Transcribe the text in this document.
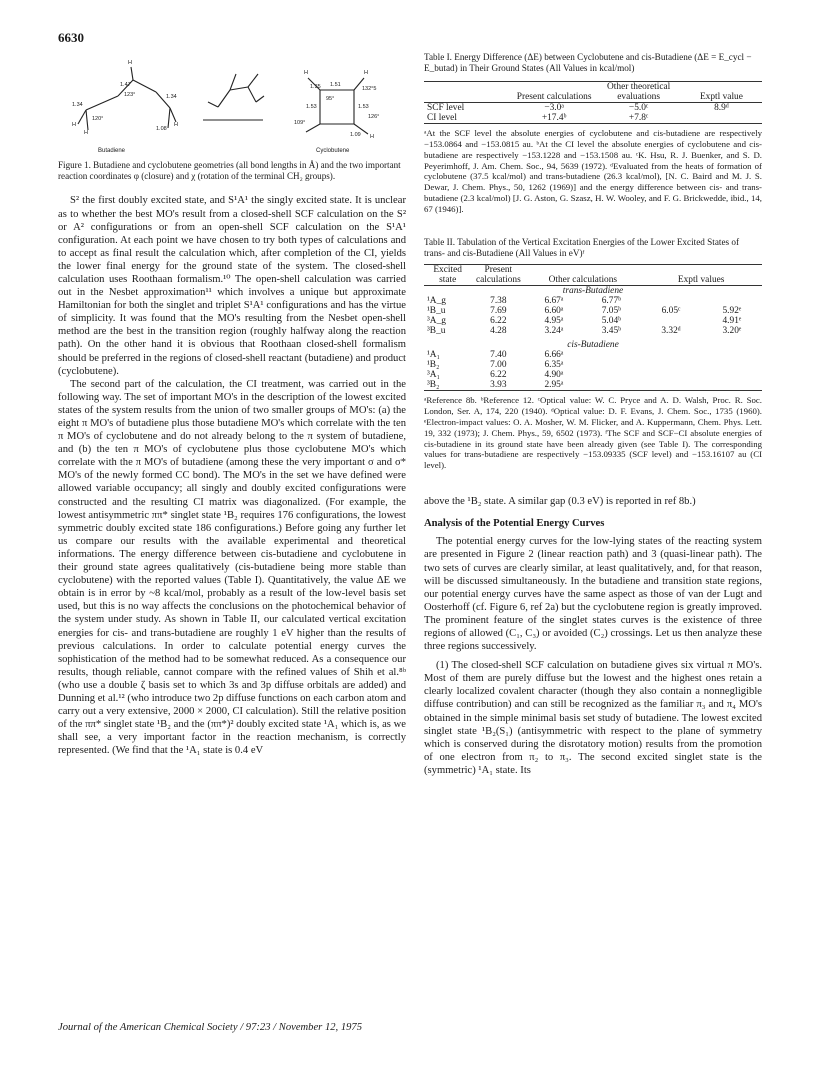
6630
Butadiene	Cyclobutene
1.34
1.47
1.34
123°
120°
1.08
H
H
H
H
1.35 1.51
132°5
1.53
95°
1.53
126°
109°
1.09
H	H
H

Figure 1. Butadiene and cyclobutene geometries (all bond lengths in Å) and the two important reaction coordinates φ (closure) and χ (rotation of the terminal CH₂ groups).

S² the first doubly excited state, and S¹A¹ the singly excited state. It is unclear as to whether the best MO's result from a closed-shell SCF calculation on the S² or A² configurations or from an open-shell SCF calculation on the S¹A¹ configuration. At each point we have chosen to try both types of calculations and to accept as final result the calculation which, after completion of the CI, yields the lower final energy for the ground state of the system. The closed-shell calculation uses Roothaan formalism.¹⁰ The open-shell calculation was carried out in the Nesbet approximation¹¹ which involves a unique but approximate Hamiltonian for both the singlet and triplet S¹A¹ configurations and has the virtue of simplicity. It was found that the MO's resulting from the Nesbet open-shell method are the best in the transition region (roughly halfway along the reaction path). On the other hand it is obvious that Roothaan closed-shell formalism should be preferred in the regions of closed-shell reactant (butadiene) and product (cyclobutene).

The second part of the calculation, the CI treatment, was carried out in the following way. The set of important MO's in the description of the lowest excited states of the system results from the union of two smaller groups of MO's: (a) the eight π MO's of butadiene plus those butadiene MO's which correlate with the ten π MO's of cyclobutene and do not already belong to the π system of butadiene, and (b) the ten π MO's of cyclobutene plus those cyclobutene MO's which correlate with the π MO's of butadiene (among these the very important σ and σ* MO's of the newly formed CC bond). The MO's in the set we have defined were allowed variable occupancy; all singly and doubly excited configurations were constructed and the resulting CI matrix was diagonalized. (For example, the lowest antisymmetric ππ* singlet state ¹B₂ requires 176 configurations, the lowest symmetric doubly excited state 186 configurations.) Before going any further let us compare our results with the available experimental and theoretical informations. The energy difference between cis-butadiene and cyclobutene in their ground state agrees qualitatively (cis-butadiene being more stable than cyclobutene) with the reported values (Table I). Quantitatively, the value ΔE we obtain is in error by ~8 kcal/mol, probably as a result of the low-level basis set used, but this is no way affects the conclusions on the photochemical behavior of the system under study. As shown in Table II, our calculated vertical excitation energies for cis- and trans-butadiene are roughly 1 eV higher than the results of previous calculations. In order to calculate potential energy curves the sophistication of the method had to be somewhat reduced. As a consequence our results, though reliable, cannot compare with the refined values of Shih et al.⁸ᵇ (who use a double ζ basis set to which 3s and 3p diffuse orbitals are added) and Dunning et al.¹² (who introduce two 2p diffuse functions on each carbon atom and carry out a very extensive, 2000 × 2000, CI calculation). Still the relative position of the ππ* singlet state ¹B₂ and the (ππ*)² doubly excited state ¹A₁ which is, as we shall see, a very important factor in the reaction mechanism, is correctly represented. (We find that the ¹A₁ state is 0.4 eV

Table I. Energy Difference (ΔE) between Cyclobutene and cis-Butadiene (ΔE = E_cycl − E_butad) in Their Ground States (All Values in kcal/mol)

	Present calculations	Other theoretical evaluations	Exptl value
SCF level	−3.0ᵃ	−5.0ᶜ	8.9ᵈ
CI level	+17.4ᵇ	+7.8ᶜ	

ᵃAt the SCF level the absolute energies of cyclobutene and cis-butadiene are respectively −153.0864 and −153.0815 au. ᵇAt the CI level the absolute energies of cyclobutene and cis-butadiene are respectively −153.1228 and −153.1508 au. ᶜK. Hsu, R. J. Buenker, and S. D. Peyerimhoff, J. Am. Chem. Soc., 94, 5639 (1972). ᵈEvaluated from the heats of formation of cyclobutene (37.5 kcal/mol) and trans-butadiene (26.3 kcal/mol), [N. C. Baird and M. J. S. Dewar, J. Chem. Phys., 50, 1262 (1969)] and the energy difference between cis- and trans-butadiene (2.3 kcal/mol) [J. G. Aston, G. Szasz, H. W. Wooley, and F. G. Brickwedde, ibid., 14, 67 (1946)].

Table II. Tabulation of the Vertical Excitation Energies of the Lower Excited States of trans- and cis-Butadiene (All Values in eV)ᶠ

Excited state	Present calculations	Other calculations		Exptl values	
trans-Butadiene					
¹A_g	7.38	6.67ᵃ	6.77ᵇ		
¹B_u	7.69	6.60ᵃ	7.05ᵇ	6.05ᶜ	5.92ᵉ
³A_g	6.22	4.95ᵃ	5.04ᵇ		4.91ᵉ
³B_u	4.28	3.24ᵃ	3.45ᵇ	3.32ᵈ	3.20ᵉ
cis-Butadiene					
¹A₁	7.40	6.66ᵃ			
¹B₂	7.00	6.35ᵃ			
³A₁	6.22	4.90ᵃ			
³B₂	3.93	2.95ᵃ			

ᵃReference 8b. ᵇReference 12. ᶜOptical value: W. C. Pryce and A. D. Walsh, Proc. R. Soc. London, Ser. A, 174, 220 (1940). ᵈOptical value: D. F. Evans, J. Chem. Soc., 1735 (1960). ᵉElectron-impact values: O. A. Mosher, W. M. Flicker, and A. Kuppermann, Chem. Phys. Lett. 19, 332 (1973); J. Chem. Phys., 59, 6502 (1973). ᶠThe SCF and SCF−CI absolute energies of cis-butadiene in its ground state have been already given (see Table I). The corresponding values for trans-butadiene are respectively −153.09335 (SCF level) and −153.16107 au (CI level).

above the ¹B₂ state. A similar gap (0.3 eV) is reported in ref 8b.)

Analysis of the Potential Energy Curves

The potential energy curves for the low-lying states of the reacting system are presented in Figure 2 (linear reaction path) and 3 (quasi-linear path). The two sets of curves are clearly similar, at least qualitatively, and, for that reason, will be discussed simultaneously. In the butadiene and transition state regions, our potential energy curves have the same aspect as those of van der Lugt and Oosterhoff (cf. Figure 6, ref 2a) but the cyclobutene region is greatly improved. The prominent feature of the singlet states curves is the existence of three regions of allowed (C₁, C₃) or avoided (C₂) crossings. Let us then analyze these three regions successively.

(1) The closed-shell SCF calculation on butadiene gives six virtual π MO's. Most of them are purely diffuse but the lowest and the highest ones retain a clearly localized covalent character (though they also contain a nonnegligible diffuse contribution) and can still be recognized as the familiar π₃ and π₄ MO's obtained in the simple minimal basis set study of butadiene. The lowest excited singlet state ¹B₂(S₁) (antisymmetric with respect to the plane of symmetry which is conserved during the disrotatory motion) results from the promotion of one electron from π₂ to π₃. The second excited singlet state is the (symmetric) ¹A₁ state. Its

Journal of the American Chemical Society / 97:23 / November 12, 1975
